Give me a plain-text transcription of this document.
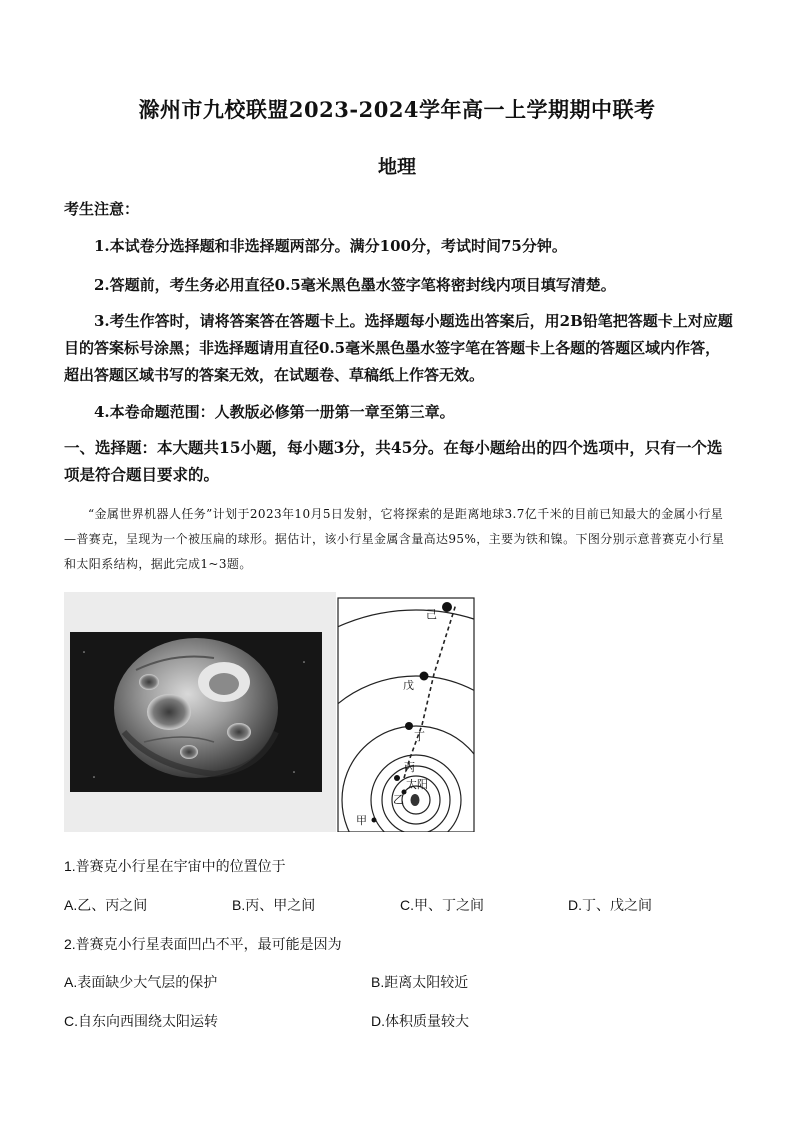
滁州市九校联盟2023-2024学年高一上学期期中联考
地理
考生注意：
1.本试卷分选择题和非选择题两部分。满分100分，考试时间75分钟。
2.答题前，考生务必用直径0.5毫米黑色墨水签字笔将密封线内项目填写清楚。
3.考生作答时，请将答案答在答题卡上。选择题每小题选出答案后，用2B铅笔把答题卡上对应题目的答案标号涂黑；非选择题请用直径0.5毫米黑色墨水签字笔在答题卡上各题的答题区域内作答，超出答题区域书写的答案无效，在试题卷、草稿纸上作答无效。
4.本卷命题范围：人教版必修第一册第一章至第三章。
一、选择题：本大题共15小题，每小题3分，共45分。在每小题给出的四个选项中，只有一个选项是符合题目要求的。
“金属世界机器人任务”计划于2023年10月5日发射，它将探索的是距离地球3.7亿千米的目前已知最大的金属小行星—普赛克，呈现为一个被压扁的球形。据估计，该小行星金属含量高达95%，主要为铁和镍。下图分别示意普赛克小行星和太阳系结构，据此完成1~3题。
己
戊
丁
丙
乙
太阳
甲
1.普赛克小行星在宇宙中的位置位于
A.乙、丙之间	B.丙、甲之间	C.甲、丁之间	D.丁、戊之间
2.普赛克小行星表面凹凸不平，最可能是因为
A.表面缺少大气层的保护	B.距离太阳较近
C.自东向西围绕太阳运转	D.体积质量较大
